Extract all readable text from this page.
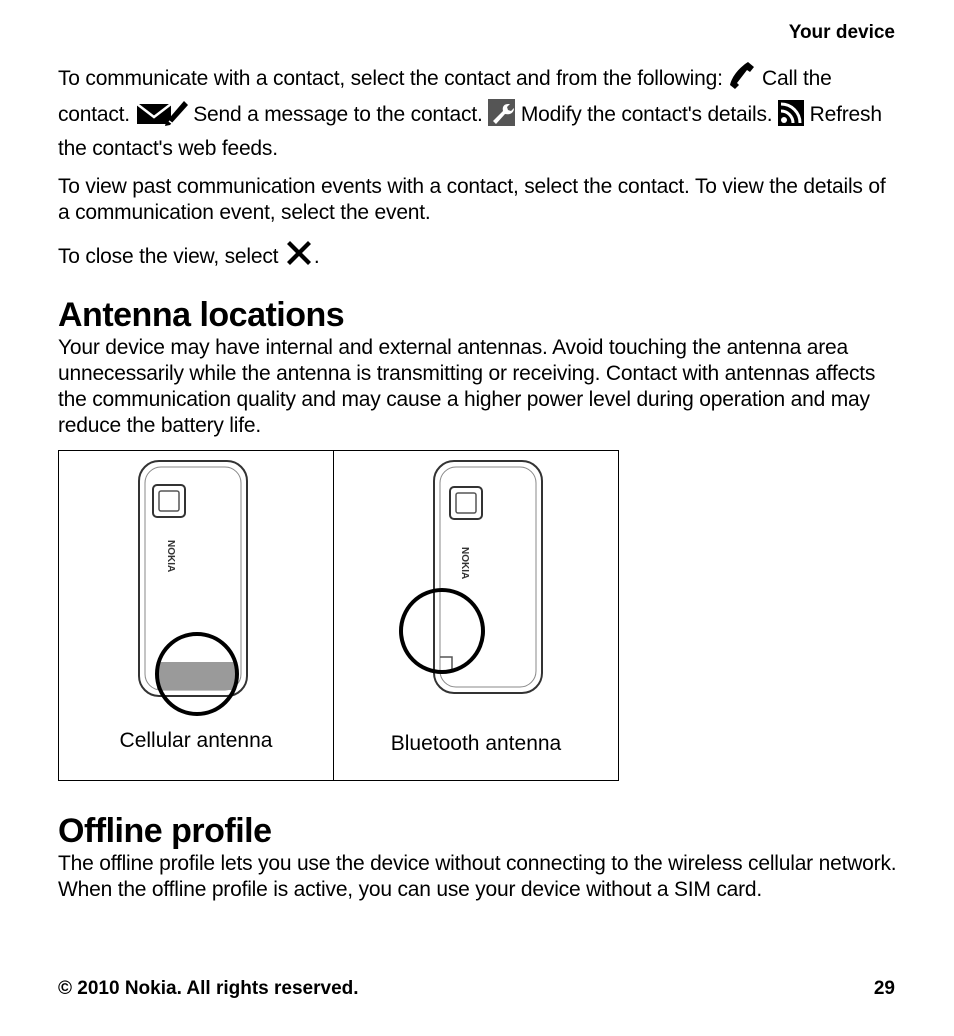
Your device

To communicate with a contact, select the contact and from the following: Call the contact.	Send a message to the contact. Modify the contact's details. Refresh the contact's web feeds.

To view past communication events with a contact, select the contact. To view the details of a communication event, select the event.

To close the view, select .

Antenna locations

Your device may have internal and external antennas. Avoid touching the antenna area unnecessarily while the antenna is transmitting or receiving. Contact with antennas affects the communication quality and may cause a higher power level during operation and may reduce the battery life.

NOKIA
Cellular antenna
NOKIA
Bluetooth antenna
Offline profile

The offline profile lets you use the device without connecting to the wireless cellular network. When the offline profile is active, you can use your device without a SIM card.

© 2010 Nokia. All rights reserved.	29
